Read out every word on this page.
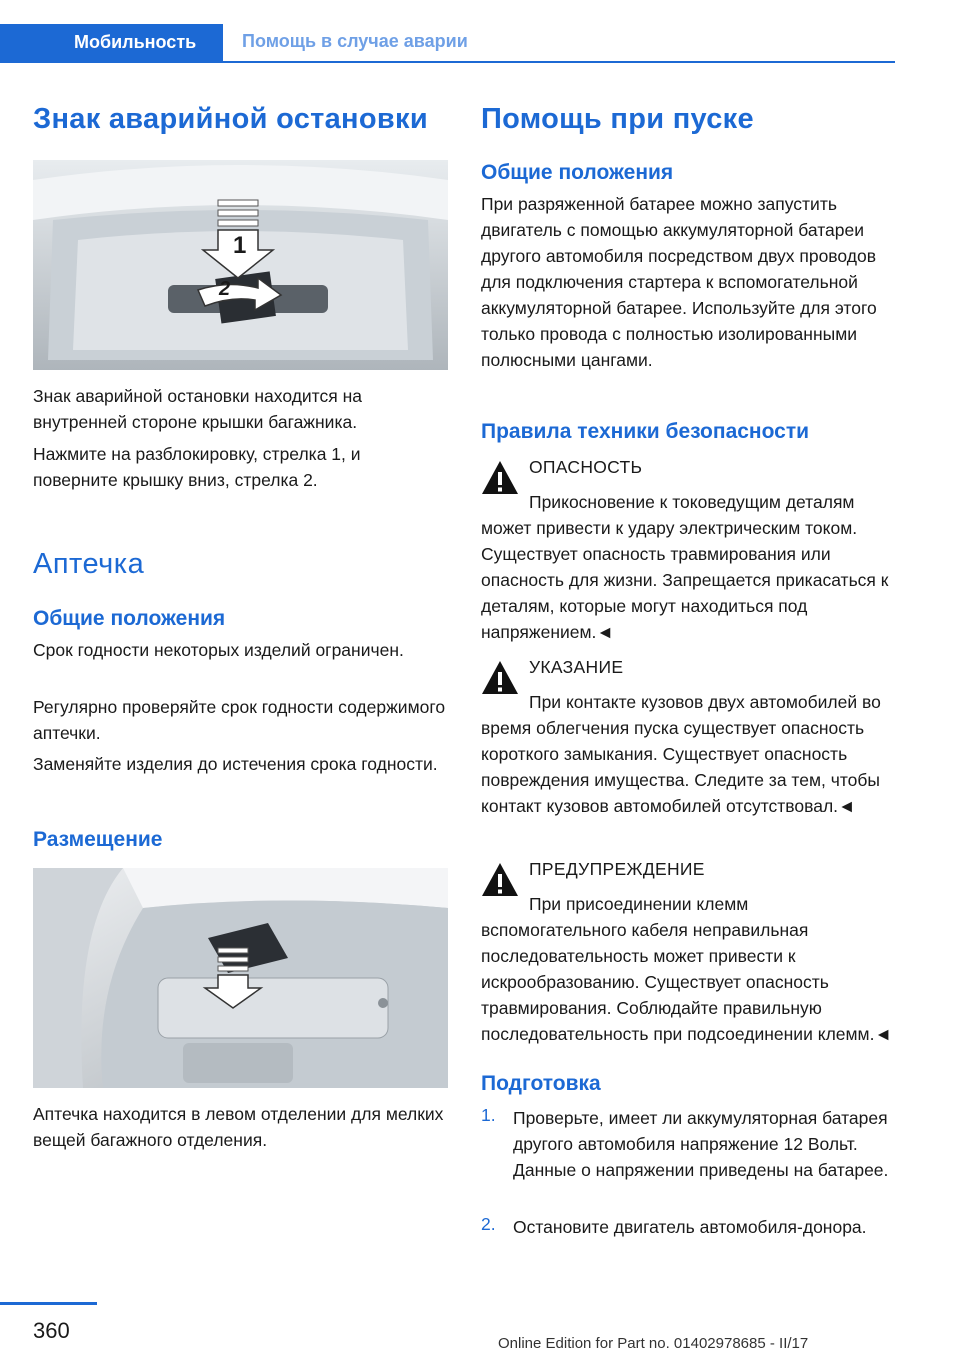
Мобильность	Помощь в случае аварии
Знак аварийной остановки
1
2
Знак аварийной остановки находится на внутренней стороне крышки багажника.
Нажмите на разблокировку, стрелка 1, и поверните крышку вниз, стрелка 2.
Аптечка
Общие положения
Срок годности некоторых изделий ограничен.
Регулярно проверяйте срок годности содержимого аптечки.
Заменяйте изделия до истечения срока годности.
Размещение
Аптечка находится в левом отделении для мелких вещей багажного отделения.
Помощь при пуске
Общие положения
При разряженной батарее можно запустить двигатель с помощью аккумуляторной батареи другого автомобиля посредством двух проводов для подключения стартера к вспомогательной аккумуляторной батарее. Используйте для этого только провода с полностью изолированными полюсными цангами.
Правила техники безопасности
ОПАСНОСТЬ
Прикосновение к токоведущим деталям может привести к удару электрическим током. Существует опасность травмирования или опасность для жизни. Запрещается прикасаться к деталям, которые могут находиться под напряжением.◄
УКАЗАНИЕ
При контакте кузовов двух автомобилей во время облегчения пуска существует опасность короткого замыкания. Существует опасность повреждения имущества. Следите за тем, чтобы контакт кузовов автомобилей отсутствовал.◄
ПРЕДУПРЕЖДЕНИЕ
При присоединении клемм вспомогательного кабеля неправильная последовательность может привести к искрообразованию. Существует опасность травмирования. Соблюдайте правильную последовательность при подсоединении клемм.◄
Подготовка
1. Проверьте, имеет ли аккумуляторная батарея другого автомобиля напряжение 12 Вольт. Данные о напряжении приведены на батарее.
2. Остановите двигатель автомобиля-донора.
360
Online Edition for Part no. 01402978685 - II/17
